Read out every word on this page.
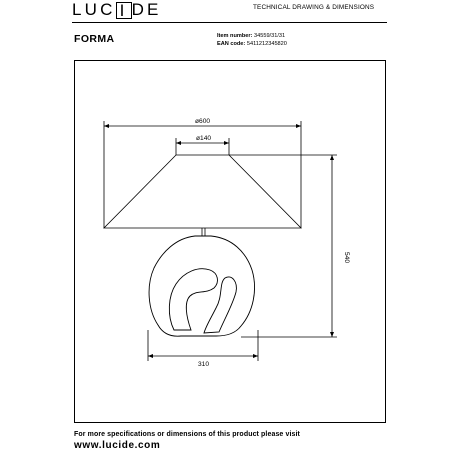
L U C I D E	TECHNICAL DRAWING & DIMENSIONS
FORMA	Item number: 34559/31/31
EAN code: 5411212345820
ø600
ø140
540
310
For more specifications or dimensions of this product please visit
www.lucide.com
